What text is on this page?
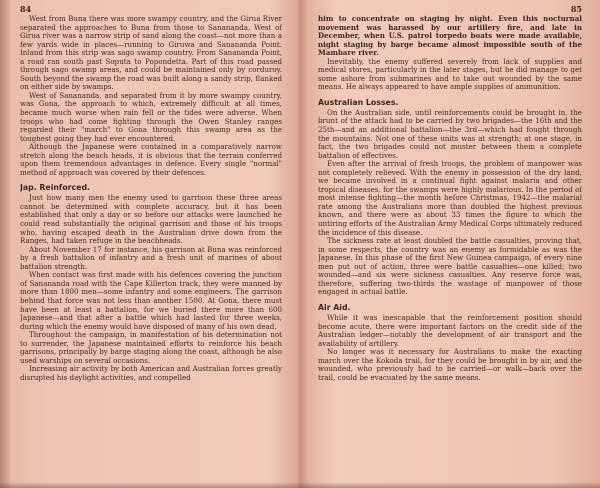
84

West from Buna there was more swampy country, and the Girua River separated the approaches to Buna from those to Sanananda. West of Girua river was a narrow strip of sand along the coast—not more than a few yards wide in places—running to Giruwa and Sanananda Point. Inland from this strip was sago swamp country. From Sanananda Point, a road ran south past Soputa to Popondetta. Part of this road passed through sago swamp areas, and could be maintained only by corduroy. South beyond the swamp the road was built along a sandy strip, flanked on either side by swamps.

West of Sanananda, and separated from it by more swampy country, was Gona, the approach to which, extremely difficult at all times, became much worse when rain fell or the tides were adverse. When troops who had come fighting through the Owen Stanley ranges regarded their "march" to Gona through this swamp area as the toughest going they had ever encountered.

Although the Japanese were contained in a comparatively narrow stretch along the beach heads, it is obvious that the terrain conferred upon them tremendous advantages in defence. Every single "normal" method of approach was covered by their defences.

Jap. Reinforced.

Just how many men the enemy used to garrison these three areas cannot be determined with complete accuracy, but it has been established that only a day or so before our attacks were launched he could read substantially the original garrison and those of his troops who, having escaped death in the Australian drive down from the Ranges, had taken refuge in the beachheads.

About November 17 for instance, his garrison at Buna was reinforced by a fresh battalion of infantry and a fresh unit of marines of about battalion strength.

When contact was first made with his defences covering the junction of Sanananda road with the Cape Killerton track, they were manned by more than 1800 men—some infantry and some engineers. The garrison behind that force was not less than another 1500. At Gona, there must have been at least a battalion, for we buried there more than 600 Japanese—and that after a battle which had lasted for three weeks, during which the enemy would have disposed of many of his own dead.

Throughout the campaign, in manifestation of his determination not to surrender, the Japanese maintained efforts to reinforce his beach garrisons, principally by barge staging along the coast, although he also used warships on several occasions.

Increasing air activity by both American and Australian forces greatly disrupted his daylight activities, and compelled

85

him to concentrate on staging by night. Even this nocturnal movement was harassed by our artillery fire, and late in December, when U.S. patrol torpedo boats were made available, night staging by barge became almost impossible south of the Mambare river.

Inevitably, the enemy suffered severely from lack of supplies and medical stores, particularly in the later stages, but he did manage to get some ashore from submarines and to take out wounded by the same means. He always appeared to have ample supplies of ammunition.

Australian Losses.

On the Australian side, until reinforcements could be brought in, the brunt of the attack had to be carried by two brigades—the 16th and the 25th—and an additional battalion—the 3rd—which had fought through the mountains. Not one of these units was at strength; at one stage, in fact, the two brigades could not muster between them a complete battalion of effectives.

Even after the arrival of fresh troops, the problem of manpower was not completely relieved. With the enemy in possession of the dry land, we became involved in a continual fight against malaria and other tropical diseases, for the swamps were highly malarious. In the period of most intense fighting—the month before Christmas, 1942—the malarial rate among the Australians more than doubled the highest previous known, and there were as about 33 times the figure to which the untiring efforts of the Australian Army Medical Corps ultimately reduced the incidence of this disease.

The sickness rate at least doubled the battle casualties, proving that, in some respects, the country was an enemy as formidable as was the Japanese. In this phase of the first New Guinea campaign, of every nine men put out of action, three were battle casualties—one killed; two wounded—and six were sickness casualties. Any reserve force was, therefore, suffering two-thirds the wastage of manpower of those engaged in actual battle.

Air Aid.

While it was inescapable that the reinforcement position should become acute, there were important factors on the credit side of the Australian ledger—notably the development of air transport and the availability of artillery.

No longer was it necessary for Australians to make the exacting march over the Kokoda trail, for they could be brought in by air, and the wounded, who previously had to be carried—or walk—back over the trail, could be evacuated by the same means.
